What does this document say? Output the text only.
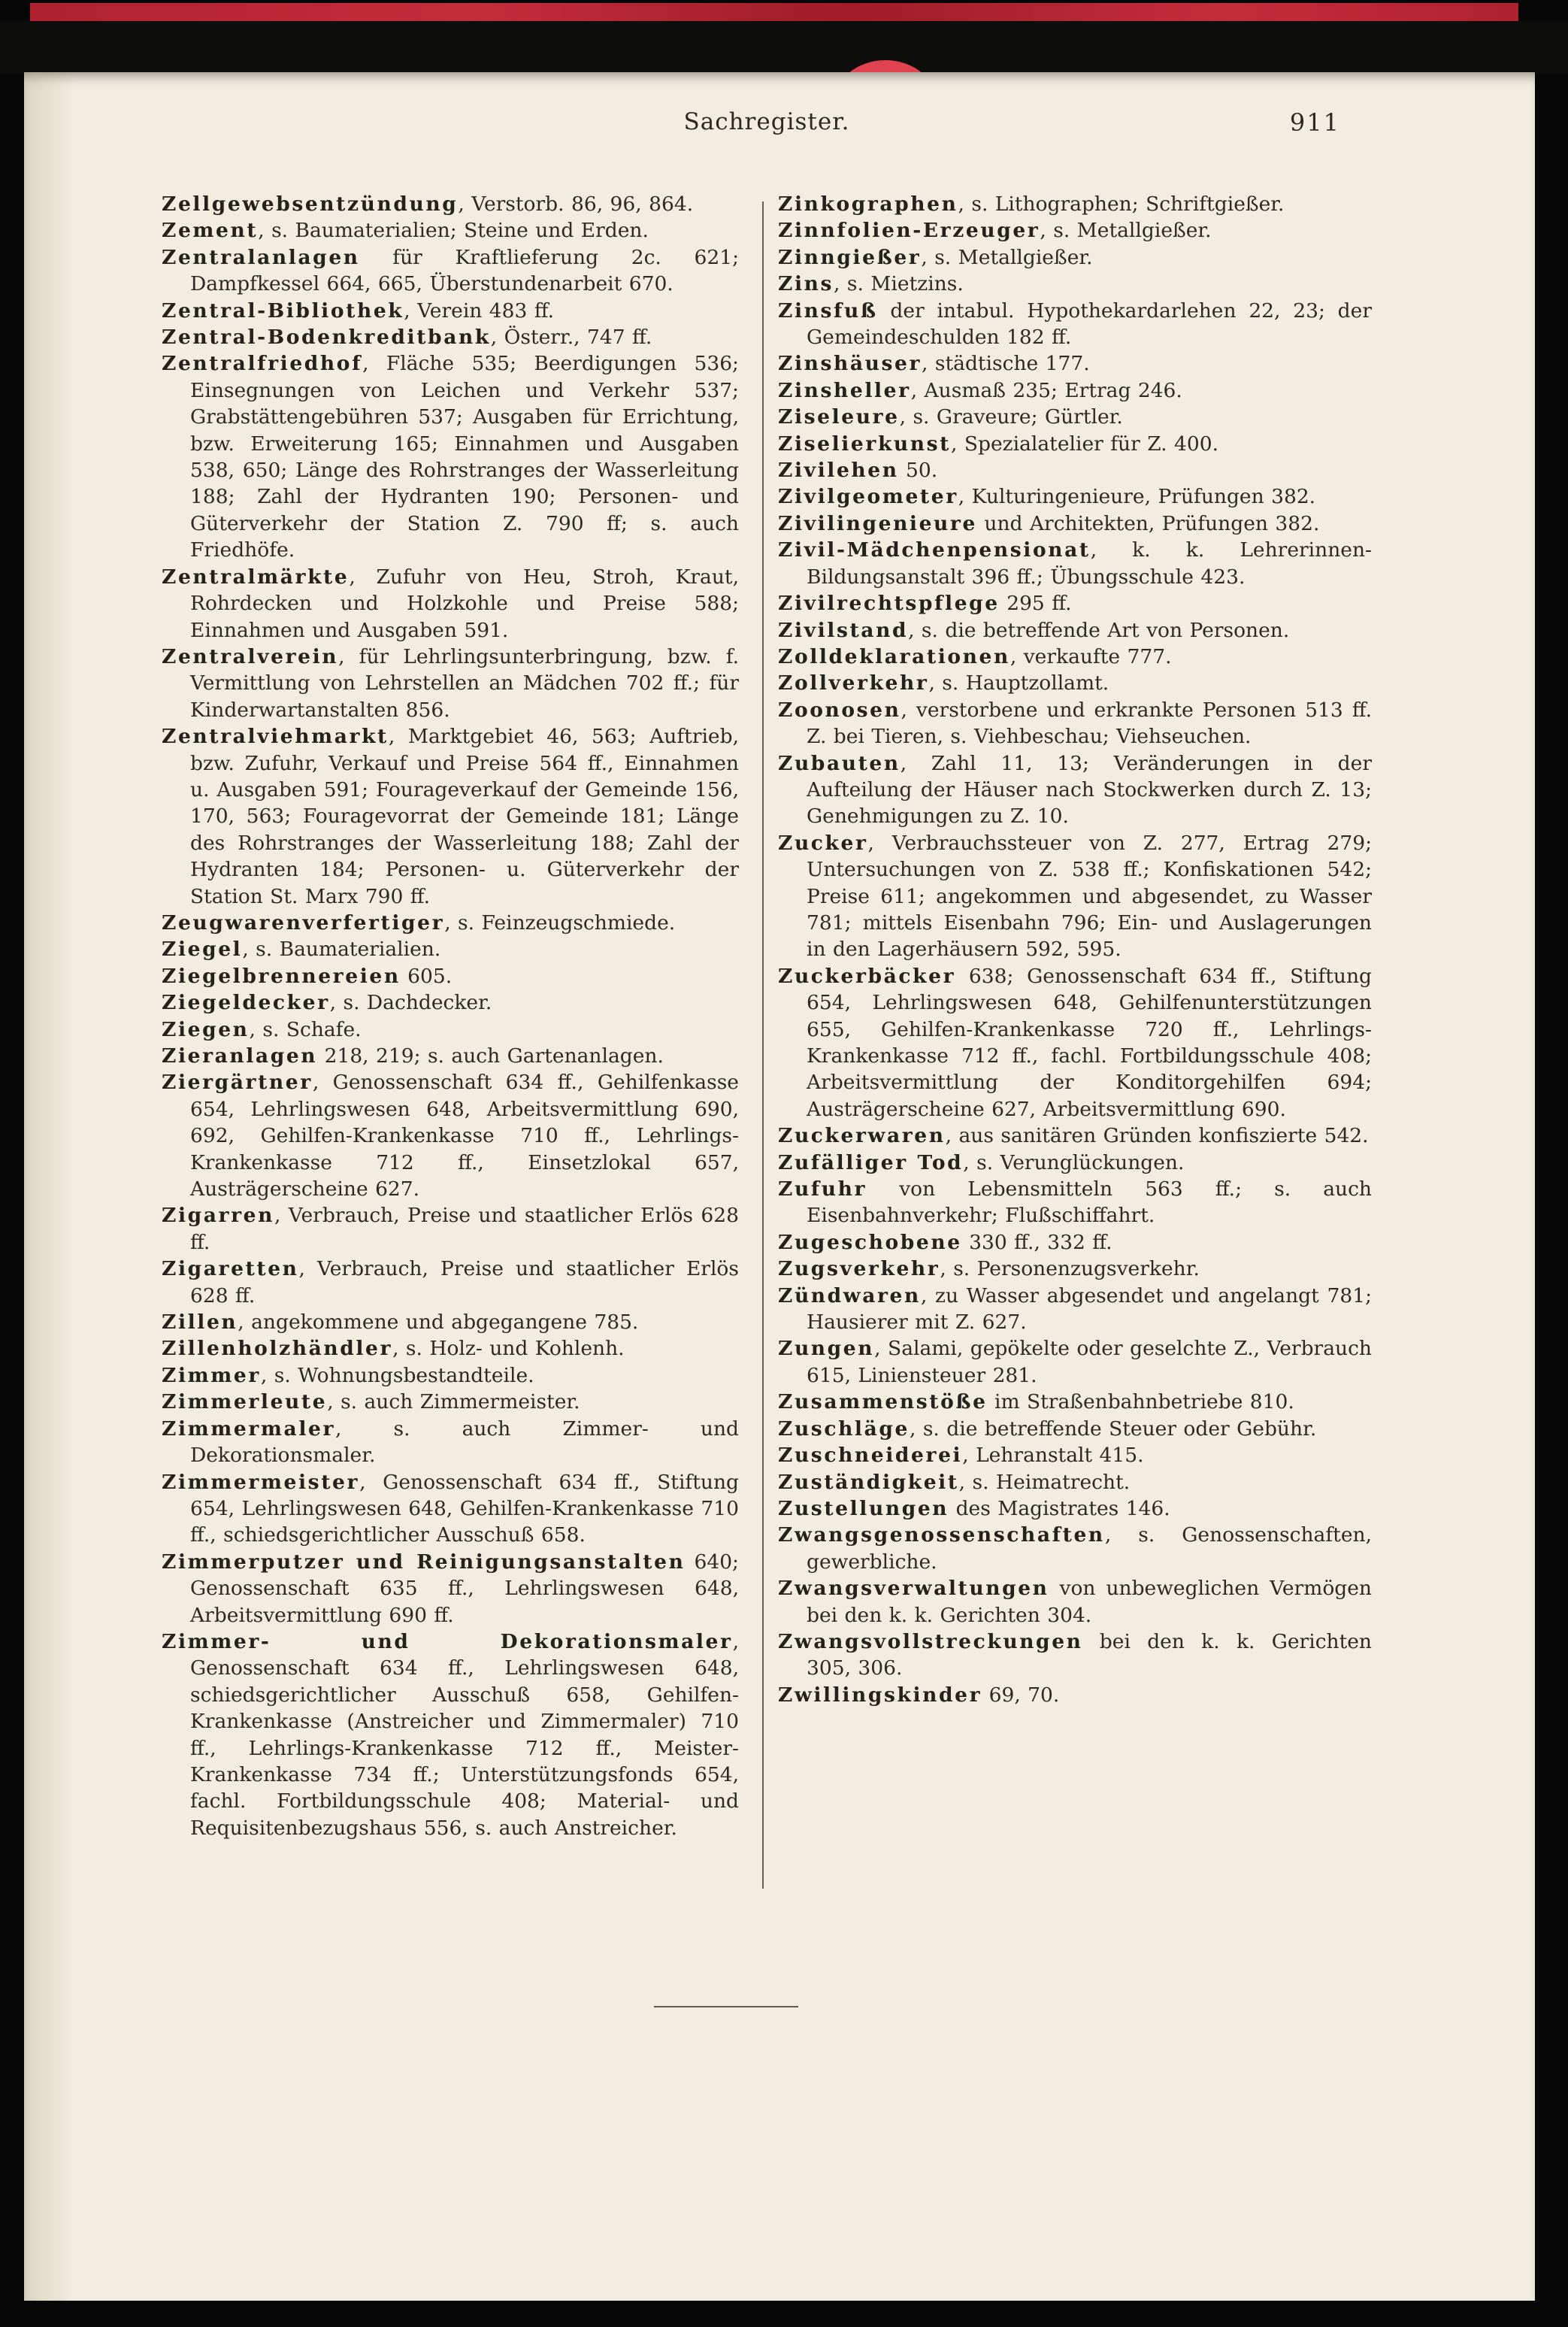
Sachregister.	911

Zellgewebsentzündung, Verstorb. 86, 96, 864.

Zement, s. Baumaterialien; Steine und Erden.

Zentralanlagen für Kraftlieferung 2c. 621; Dampfkessel 664, 665, Überstundenarbeit 670.

Zentral-Bibliothek, Verein 483 ff.

Zentral-Bodenkreditbank, Österr., 747 ff.

Zentralfriedhof, Fläche 535; Beerdigungen 536; Einsegnungen von Leichen und Verkehr 537; Grabstättengebühren 537; Ausgaben für Errichtung, bzw. Erweiterung 165; Einnahmen und Ausgaben 538, 650; Länge des Rohrstranges der Wasserleitung 188; Zahl der Hydranten 190; Personen- und Güterverkehr der Station Z. 790 ff; s. auch Friedhöfe.

Zentralmärkte, Zufuhr von Heu, Stroh, Kraut, Rohrdecken und Holzkohle und Preise 588; Einnahmen und Ausgaben 591.

Zentralverein, für Lehrlingsunterbringung, bzw. f. Vermittlung von Lehrstellen an Mädchen 702 ff.; für Kinderwartanstalten 856.

Zentralviehmarkt, Marktgebiet 46, 563; Auftrieb, bzw. Zufuhr, Verkauf und Preise 564 ff., Einnahmen u. Ausgaben 591; Fourageverkauf der Gemeinde 156, 170, 563; Fouragevorrat der Gemeinde 181; Länge des Rohrstranges der Wasserleitung 188; Zahl der Hydranten 184; Personen- u. Güterverkehr der Station St. Marx 790 ff.

Zeugwarenverfertiger, s. Feinzeugschmiede.

Ziegel, s. Baumaterialien.

Ziegelbrennereien 605.

Ziegeldecker, s. Dachdecker.

Ziegen, s. Schafe.

Zieranlagen 218, 219; s. auch Gartenanlagen.

Ziergärtner, Genossenschaft 634 ff., Gehilfenkasse 654, Lehrlingswesen 648, Arbeitsvermittlung 690, 692, Gehilfen-Krankenkasse 710 ff., Lehrlings-Krankenkasse 712 ff., Einsetzlokal 657, Austrägerscheine 627.

Zigarren, Verbrauch, Preise und staatlicher Erlös 628 ff.

Zigaretten, Verbrauch, Preise und staatlicher Erlös 628 ff.

Zillen, angekommene und abgegangene 785.

Zillenholzhändler, s. Holz- und Kohlenh.

Zimmer, s. Wohnungsbestandteile.

Zimmerleute, s. auch Zimmermeister.

Zimmermaler, s. auch Zimmer- und Dekorationsmaler.

Zimmermeister, Genossenschaft 634 ff., Stiftung 654, Lehrlingswesen 648, Gehilfen-Krankenkasse 710 ff., schiedsgerichtlicher Ausschuß 658.

Zimmerputzer und Reinigungsanstalten 640; Genossenschaft 635 ff., Lehrlingswesen 648, Arbeitsvermittlung 690 ff.

Zimmer- und Dekorationsmaler, Genossenschaft 634 ff., Lehrlingswesen 648, schiedsgerichtlicher Ausschuß 658, Gehilfen-Krankenkasse (Anstreicher und Zimmermaler) 710 ff., Lehrlings-Krankenkasse 712 ff., Meister-Krankenkasse 734 ff.; Unterstützungsfonds 654, fachl. Fortbildungsschule 408; Material- und Requisitenbezugshaus 556, s. auch Anstreicher.

Zinkographen, s. Lithographen; Schriftgießer.

Zinnfolien-Erzeuger, s. Metallgießer.

Zinngießer, s. Metallgießer.

Zins, s. Mietzins.

Zinsfuß der intabul. Hypothekardarlehen 22, 23; der Gemeindeschulden 182 ff.

Zinshäuser, städtische 177.

Zinsheller, Ausmaß 235; Ertrag 246.

Ziseleure, s. Graveure; Gürtler.

Ziselierkunst, Spezialatelier für Z. 400.

Zivilehen 50.

Zivilgeometer, Kulturingenieure, Prüfungen 382.

Zivilingenieure und Architekten, Prüfungen 382.

Zivil-Mädchenpensionat, k. k. Lehrerinnen-Bildungsanstalt 396 ff.; Übungsschule 423.

Zivilrechtspflege 295 ff.

Zivilstand, s. die betreffende Art von Personen.

Zolldeklarationen, verkaufte 777.

Zollverkehr, s. Hauptzollamt.

Zoonosen, verstorbene und erkrankte Personen 513 ff. Z. bei Tieren, s. Viehbeschau; Viehseuchen.

Zubauten, Zahl 11, 13; Veränderungen in der Aufteilung der Häuser nach Stockwerken durch Z. 13; Genehmigungen zu Z. 10.

Zucker, Verbrauchssteuer von Z. 277, Ertrag 279; Untersuchungen von Z. 538 ff.; Konfiskationen 542; Preise 611; angekommen und abgesendet, zu Wasser 781; mittels Eisenbahn 796; Ein- und Auslagerungen in den Lagerhäusern 592, 595.

Zuckerbäcker 638; Genossenschaft 634 ff., Stiftung 654, Lehrlingswesen 648, Gehilfenunterstützungen 655, Gehilfen-Krankenkasse 720 ff., Lehrlings-Krankenkasse 712 ff., fachl. Fortbildungsschule 408; Arbeitsvermittlung der Konditorgehilfen 694; Austrägerscheine 627, Arbeitsvermittlung 690.

Zuckerwaren, aus sanitären Gründen konfiszierte 542.

Zufälliger Tod, s. Verunglückungen.

Zufuhr von Lebensmitteln 563 ff.; s. auch Eisenbahnverkehr; Flußschiffahrt.

Zugeschobene 330 ff., 332 ff.

Zugsverkehr, s. Personenzugsverkehr.

Zündwaren, zu Wasser abgesendet und angelangt 781; Hausierer mit Z. 627.

Zungen, Salami, gepökelte oder geselchte Z., Verbrauch 615, Liniensteuer 281.

Zusammenstöße im Straßenbahnbetriebe 810.

Zuschläge, s. die betreffende Steuer oder Gebühr.

Zuschneiderei, Lehranstalt 415.

Zuständigkeit, s. Heimatrecht.

Zustellungen des Magistrates 146.

Zwangsgenossenschaften, s. Genossenschaften, gewerbliche.

Zwangsverwaltungen von unbeweglichen Vermögen bei den k. k. Gerichten 304.

Zwangsvollstreckungen bei den k. k. Gerichten 305, 306.

Zwillingskinder 69, 70.
